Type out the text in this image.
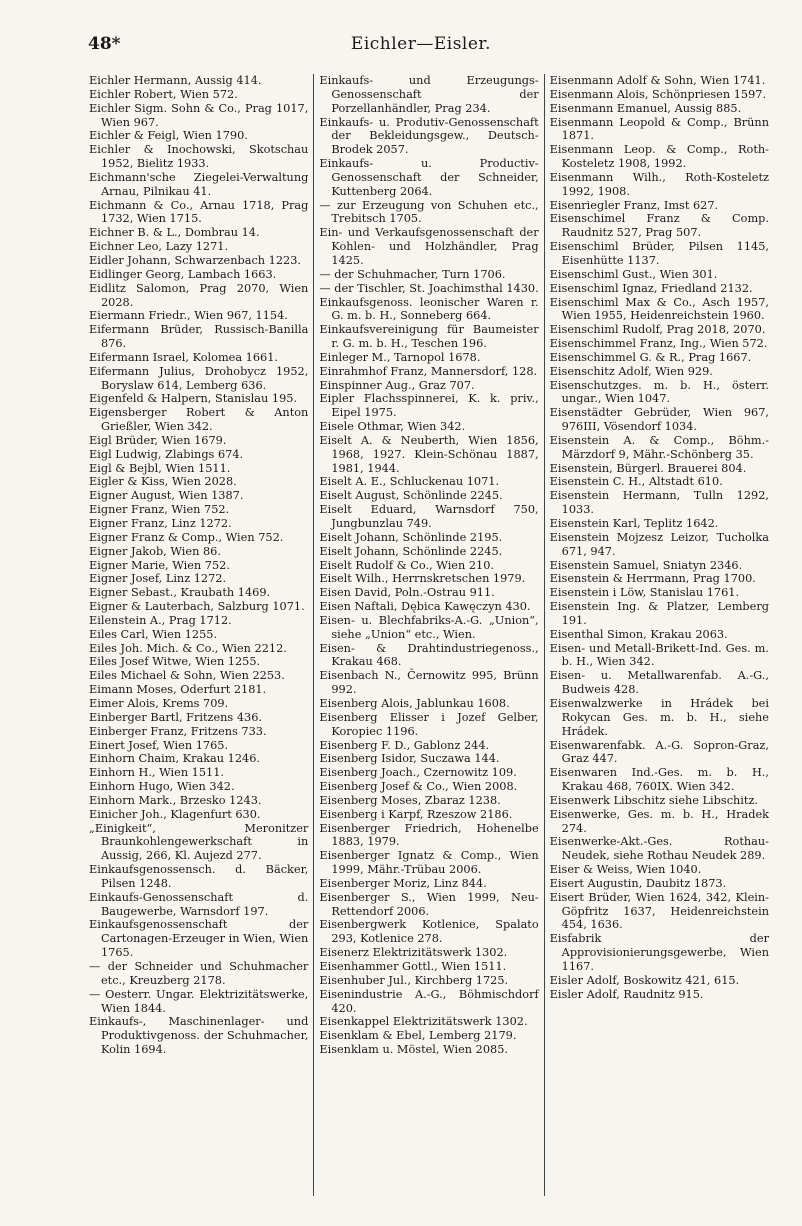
48*	Eichler—Eisler.

Eichler Hermann, Aussig 414.

Eichler Robert, Wien 572.

Eichler Sigm. Sohn & Co., Prag 1017, Wien 967.

Eichler & Feigl, Wien 1790.

Eichler & Inochowski, Skotschau 1952, Bielitz 1933.

Eichmann'sche Ziegelei-Verwaltung Arnau, Pilnikau 41.

Eichmann & Co., Arnau 1718, Prag 1732, Wien 1715.

Eichner B. & L., Dombrau 14.

Eichner Leo, Lazy 1271.

Eidler Johann, Schwarzenbach 1223.

Eidlinger Georg, Lambach 1663.

Eidlitz Salomon, Prag 2070, Wien 2028.

Eiermann Friedr., Wien 967, 1154.

Eifermann Brüder, Russisch-Banilla 876.

Eifermann Israel, Kolomea 1661.

Eifermann Julius, Drohobycz 1952, Boryslaw 614, Lemberg 636.

Eigenfeld & Halpern, Stanislau 195.

Eigensberger Robert & Anton Grießler, Wien 342.

Eigl Brüder, Wien 1679.

Eigl Ludwig, Zlabings 674.

Eigl & Bejbl, Wien 1511.

Eigler & Kiss, Wien 2028.

Eigner August, Wien 1387.

Eigner Franz, Wien 752.

Eigner Franz, Linz 1272.

Eigner Franz & Comp., Wien 752.

Eigner Jakob, Wien 86.

Eigner Marie, Wien 752.

Eigner Josef, Linz 1272.

Eigner Sebast., Kraubath 1469.

Eigner & Lauterbach, Salzburg 1071.

Eilenstein A., Prag 1712.

Eiles Carl, Wien 1255.

Eiles Joh. Mich. & Co., Wien 2212.

Eiles Josef Witwe, Wien 1255.

Eiles Michael & Sohn, Wien 2253.

Eimann Moses, Oderfurt 2181.

Eimer Alois, Krems 709.

Einberger Bartl, Fritzens 436.

Einberger Franz, Fritzens 733.

Einert Josef, Wien 1765.

Einhorn Chaim, Krakau 1246.

Einhorn H., Wien 1511.

Einhorn Hugo, Wien 342.

Einhorn Mark., Brzesko 1243.

Einicher Joh., Klagenfurt 630.

„Einigkeit“, Meronitzer Braunkohlengewerkschaft in Aussig, 266, Kl. Aujezd 277.

Einkaufsgenossensch. d. Bäcker, Pilsen 1248.

Einkaufs-Genossenschaft d. Baugewerbe, Warnsdorf 197.

Einkaufsgenossenschaft der Cartonagen-Erzeuger in Wien, Wien 1765.

— der Schneider und Schuhmacher etc., Kreuzberg 2178.

— Oesterr. Ungar. Elektrizitätswerke, Wien 1844.

Einkaufs-, Maschinenlager- und Produktivgenoss. der Schuhmacher, Kolin 1694.

Einkaufs- und Erzeugungs-Genossenschaft der Porzellanhändler, Prag 234.

Einkaufs- u. Produtiv-Genossenschaft der Bekleidungsgew., Deutsch-Brodek 2057.

Einkaufs- u. Productiv-Genossenschaft der Schneider, Kuttenberg 2064.

— zur Erzeugung von Schuhen etc., Trebitsch 1705.

Ein- und Verkaufsgenossenschaft der Kohlen- und Holzhändler, Prag 1425.

— der Schuhmacher, Turn 1706.

— der Tischler, St. Joachimsthal 1430.

Einkaufsgenoss. leonischer Waren r. G. m. b. H., Sonneberg 664.

Einkaufsvereinigung für Baumeister r. G. m. b. H., Teschen 196.

Einleger M., Tarnopol 1678.

Einrahmhof Franz, Mannersdorf, 128.

Einspinner Aug., Graz 707.

Eipler Flachsspinnerei, K. k. priv., Eipel 1975.

Eisele Othmar, Wien 342.

Eiselt A. & Neuberth, Wien 1856, 1968, 1927. Klein-Schönau 1887, 1981, 1944.

Eiselt A. E., Schluckenau 1071.

Eiselt August, Schönlinde 2245.

Eiselt Eduard, Warnsdorf 750, Jungbunzlau 749.

Eiselt Johann, Schönlinde 2195.

Eiselt Johann, Schönlinde 2245.

Eiselt Rudolf & Co., Wien 210.

Eiselt Wilh., Herrnskretschen 1979.

Eisen David, Poln.-Ostrau 911.

Eisen Naftali, Dębica Kawęczyn 430.

Eisen- u. Blechfabriks-A.-G. „Union“, siehe „Union“ etc., Wien.

Eisen- & Drahtindustriegenoss., Krakau 468.

Eisenbach N., Černowitz 995, Brünn 992.

Eisenberg Alois, Jablunkau 1608.

Eisenberg Elisser i Jozef Gelber, Koropiec 1196.

Eisenberg F. D., Gablonz 244.

Eisenberg Isidor, Suczawa 144.

Eisenberg Joach., Czernowitz 109.

Eisenberg Josef & Co., Wien 2008.

Eisenberg Moses, Zbaraz 1238.

Eisenberg i Karpf, Rzeszow 2186.

Eisenberger Friedrich, Hohenelbe 1883, 1979.

Eisenberger Ignatz & Comp., Wien 1999, Mähr.-Trübau 2006.

Eisenberger Moriz, Linz 844.

Eisenberger S., Wien 1999, Neu-Rettendorf 2006.

Eisenbergwerk Kotlenice, Spalato 293, Kotlenice 278.

Eisenerz Elektrizitätswerk 1302.

Eisenhammer Gottl., Wien 1511.

Eisenhuber Jul., Kirchberg 1725.

Eisenindustrie A.-G., Böhmischdorf 420.

Eisenkappel Elektrizitätswerk 1302.

Eisenklam & Ebel, Lemberg 2179.

Eisenklam u. Möstel, Wien 2085.

Eisenmann Adolf & Sohn, Wien 1741.

Eisenmann Alois, Schönpriesen 1597.

Eisenmann Emanuel, Aussig 885.

Eisenmann Leopold & Comp., Brünn 1871.

Eisenmann Leop. & Comp., Roth-Kosteletz 1908, 1992.

Eisenmann Wilh., Roth-Kosteletz 1992, 1908.

Eisenriegler Franz, Imst 627.

Eisenschimel Franz & Comp. Raudnitz 527, Prag 507.

Eisenschiml Brüder, Pilsen 1145, Eisenhütte 1137.

Eisenschiml Gust., Wien 301.

Eisenschiml Ignaz, Friedland 2132.

Eisenschiml Max & Co., Asch 1957, Wien 1955, Heidenreichstein 1960.

Eisenschiml Rudolf, Prag 2018, 2070.

Eisenschimmel Franz, Ing., Wien 572.

Eisenschimmel G. & R., Prag 1667.

Eisenschitz Adolf, Wien 929.

Eisenschutzges. m. b. H., österr. ungar., Wien 1047.

Eisenstädter Gebrüder, Wien 967, 976III, Vösendorf 1034.

Eisenstein A. & Comp., Böhm.-Märzdorf 9, Mähr.-Schönberg 35.

Eisenstein, Bürgerl. Brauerei 804.

Eisenstein C. H., Altstadt 610.

Eisenstein Hermann, Tulln 1292, 1033.

Eisenstein Karl, Teplitz 1642.

Eisenstein Mojzesz Leizor, Tucholka 671, 947.

Eisenstein Samuel, Sniatyn 2346.

Eisenstein & Herrmann, Prag 1700.

Eisenstein i Löw, Stanislau 1761.

Eisenstein Ing. & Platzer, Lemberg 191.

Eisenthal Simon, Krakau 2063.

Eisen- und Metall-Brikett-Ind. Ges. m. b. H., Wien 342.

Eisen- u. Metallwarenfab. A.-G., Budweis 428.

Eisenwalzwerke in Hrádek bei Rokycan Ges. m. b. H., siehe Hrádek.

Eisenwarenfabk. A.-G. Sopron-Graz, Graz 447.

Eisenwaren Ind.-Ges. m. b. H., Krakau 468, 760IX. Wien 342.

Eisenwerk Libschitz siehe Libschitz.

Eisenwerke, Ges. m. b. H., Hradek 274.

Eisenwerke-Akt.-Ges. Rothau-Neudek, siehe Rothau Neudek 289.

Eiser & Weiss, Wien 1040.

Eisert Augustin, Daubitz 1873.

Eisert Brüder, Wien 1624, 342, Klein-Göpfritz 1637, Heidenreichstein 454, 1636.

Eisfabrik der Approvisionierungsgewerbe, Wien 1167.

Eisler Adolf, Boskowitz 421, 615.

Eisler Adolf, Raudnitz 915.
